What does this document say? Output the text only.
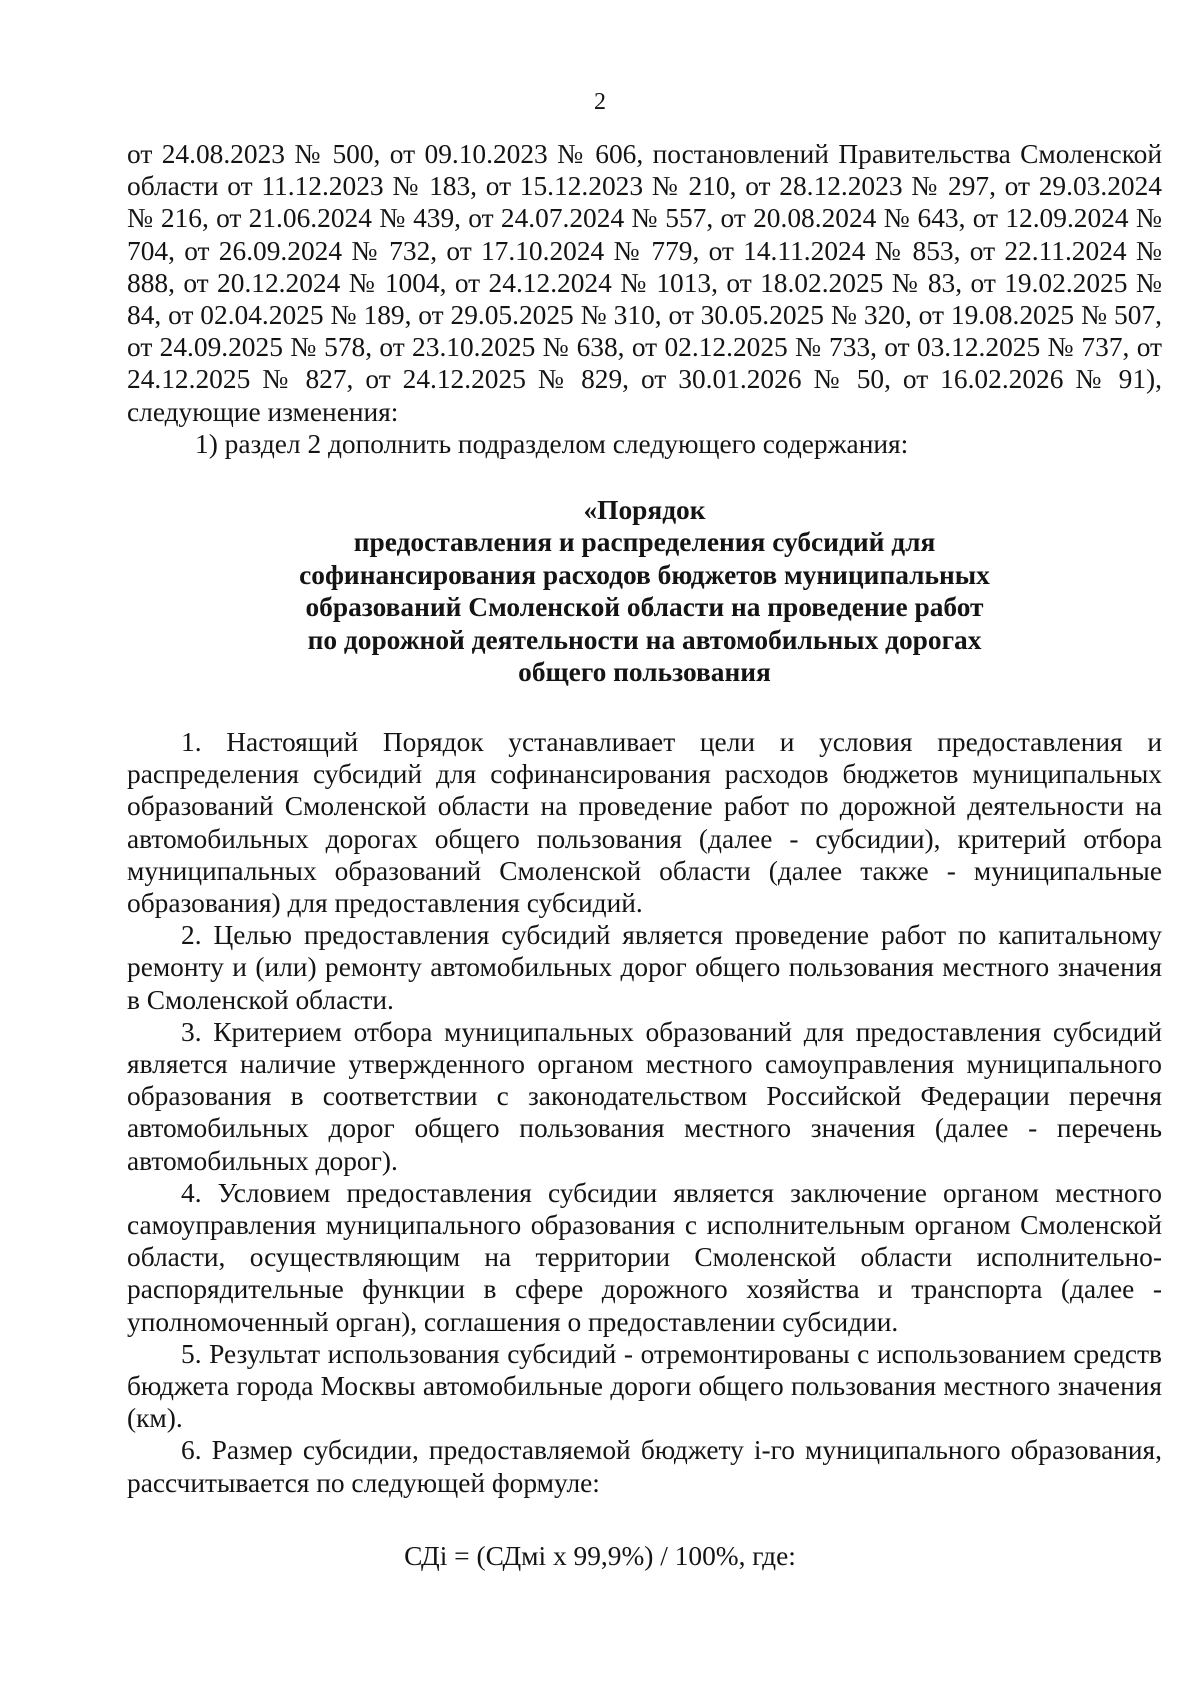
2

от 24.08.2023 № 500, от 09.10.2023 № 606, постановлений Правительства Смоленской области от 11.12.2023 № 183, от 15.12.2023 № 210, от 28.12.2023 № 297, от 29.03.2024 № 216, от 21.06.2024 № 439, от 24.07.2024 № 557, от 20.08.2024 № 643, от 12.09.2024 № 704, от 26.09.2024 № 732, от 17.10.2024 № 779, от 14.11.2024 № 853, от 22.11.2024 № 888, от 20.12.2024 № 1004, от 24.12.2024 № 1013, от 18.02.2025 № 83, от 19.02.2025 № 84, от 02.04.2025 № 189, от 29.05.2025 № 310, от 30.05.2025 № 320, от 19.08.2025 № 507, от 24.09.2025 № 578, от 23.10.2025 № 638, от 02.12.2025 № 733, от 03.12.2025 № 737, от 24.12.2025 № 827, от 24.12.2025 № 829, от 30.01.2026 № 50, от 16.02.2026 № 91), следующие изменения:

1) раздел 2 дополнить подразделом следующего содержания:

«Порядок
предоставления и распределения субсидий для
софинансирования расходов бюджетов муниципальных
образований Смоленской области на проведение работ
по дорожной деятельности на автомобильных дорогах
общего пользования

1. Настоящий Порядок устанавливает цели и условия предоставления и распределения субсидий для софинансирования расходов бюджетов муниципальных образований Смоленской области на проведение работ по дорожной деятельности на автомобильных дорогах общего пользования (далее - субсидии), критерий отбора муниципальных образований Смоленской области (далее также - муниципальные образования) для предоставления субсидий.

2. Целью предоставления субсидий является проведение работ по капитальному ремонту и (или) ремонту автомобильных дорог общего пользования местного значения в Смоленской области.

3. Критерием отбора муниципальных образований для предоставления субсидий является наличие утвержденного органом местного самоуправления муниципального образования в соответствии с законодательством Российской Федерации перечня автомобильных дорог общего пользования местного значения (далее - перечень автомобильных дорог).

4. Условием предоставления субсидии является заключение органом местного самоуправления муниципального образования с исполнительным органом Смоленской области, осуществляющим на территории Смоленской области исполнительно-распорядительные функции в сфере дорожного хозяйства и транспорта (далее - уполномоченный орган), соглашения о предоставлении субсидии.

5. Результат использования субсидий - отремонтированы с использованием средств бюджета города Москвы автомобильные дороги общего пользования местного значения (км).

6. Размер субсидии, предоставляемой бюджету i-го муниципального образования, рассчитывается по следующей формуле:

СДi = (СДмi х 99,9%) / 100%, где:
